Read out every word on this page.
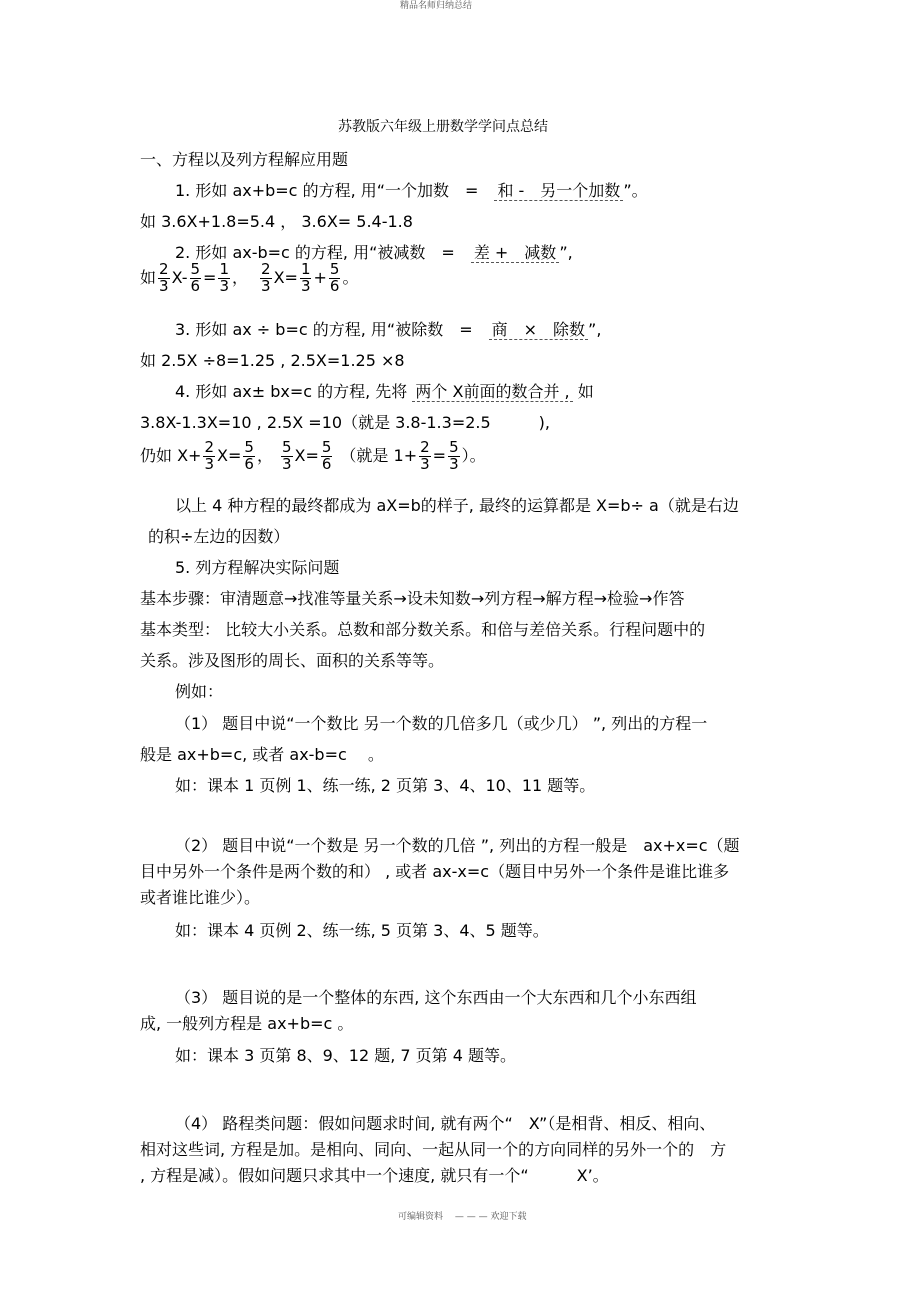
精品名师归纳总结
苏教版六年级上册数学学问点总结
一、方程以及列方程解应用题
1. 形如 ax+b=c 的方程, 用“一个加数　=　和 -　另一个加数 ”。
如 3.6X+1.8=5.4 ， 3.6X= 5.4-1.8
2. 形如 ax-b=c 的方程, 用“被减数　=　差 +　减数 ”,
如 $\frac{2}{3} X- \frac{5}{6} = \frac{1}{3}$ ， $\frac{2}{3} X= \frac{1}{3} + \frac{5}{6}$ 。
3. 形如 ax ÷ b=c 的方程, 用“被除数　=　商　×　除数 ”,
如 2.5X ÷8=1.25 , 2.5X=1.25 ×8
4. 形如 ax± bx=c 的方程, 先将 两个 X前面的数合并 , 如
3.8X-1.3X=10 , 2.5X =10（就是 3.8-1.3=2.5　　　),
仍如 $X+ \frac{2}{3} X= \frac{5}{6}$ ， $\frac{5}{3} X= \frac{5}{6}$ （就是 $1+ \frac{2}{3} = \frac{5}{3}$ ）。
以上 4 种方程的最终都成为 aX=b的样子, 最终的运算都是 X=b÷ a（就是右边
的积÷左边的因数）
5. 列方程解决实际问题
基本步骤：审清题意→找准等量关系→设未知数→列方程→解方程→检验→作答
基本类型： 比较大小关系。总数和部分数关系。和倍与差倍关系。行程问题中的
关系。涉及图形的周长、面积的关系等等。
例如：
（1） 题目中说“一个数比 另一个数的几倍多几（或少几） ”, 列出的方程一
般是 ax+b=c, 或者 ax-b=c　 。
如：课本 1 页例 1、练一练, 2 页第 3、4、10、11 题等。
（2） 题目中说“一个数是 另一个数的几倍 ”, 列出的方程一般是　ax+x=c（题
目中另外一个条件是两个数的和） , 或者 ax-x=c（题目中另外一个条件是谁比谁多
或者谁比谁少）。
如：课本 4 页例 2、练一练, 5 页第 3、4、5 题等。
（3） 题目说的是一个整体的东西, 这个东西由一个大东西和几个小东西组
成, 一般列方程是 ax+b=c 。
如：课本 3 页第 8、9、12 题, 7 页第 4 题等。
（4） 路程类问题：假如问题求时间, 就有两个“　X”（是相背、相反、相向、
相对这些词, 方程是加。是相向、同向、一起从同一个的方向同样的另外一个的　方
, 方程是减）。假如问题只求其中一个速度, 就只有一个“　　　X’。
可编辑资料　 — — — 欢迎下载
